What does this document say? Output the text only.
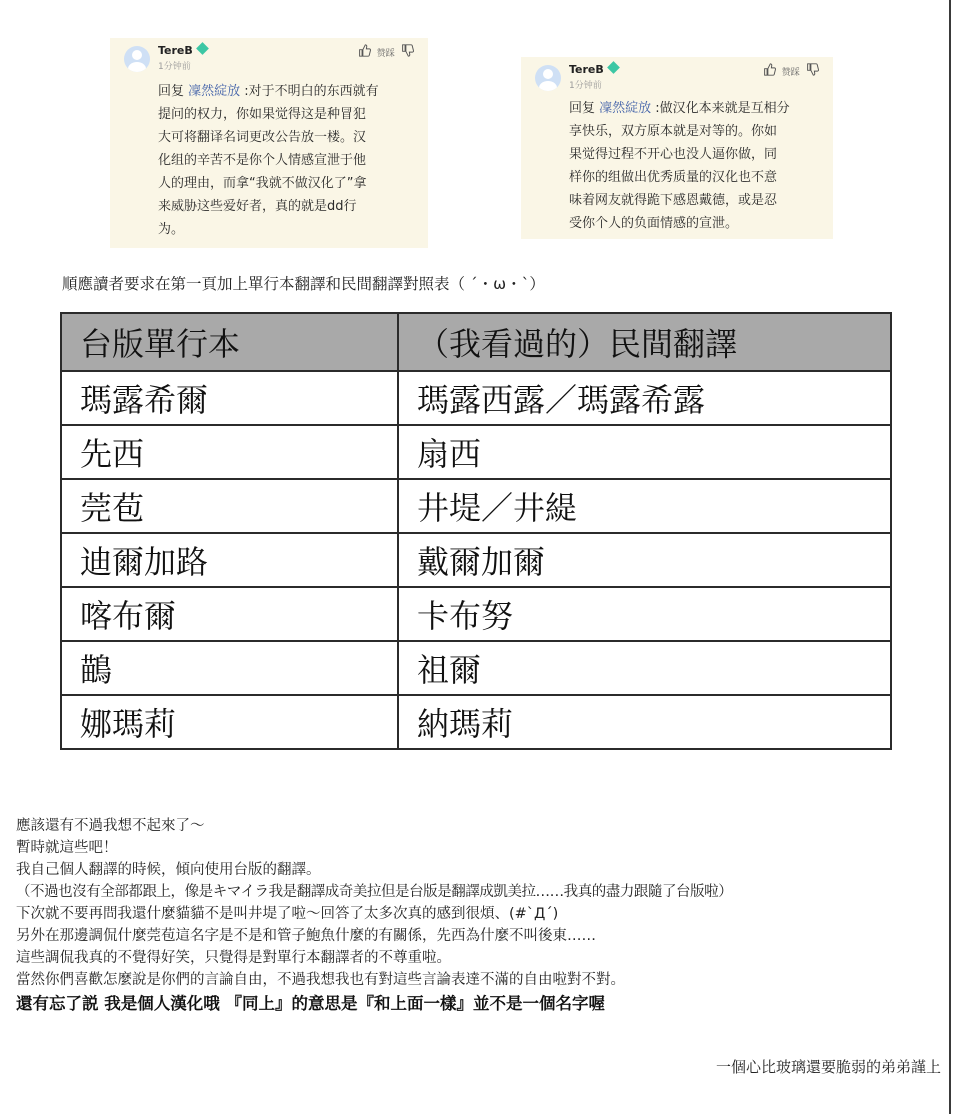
TereB
1分钟前
赞踩
回复 凜然綻放 :对于不明白的东西就有
提问的权力，你如果觉得这是种冒犯
大可将翻译名词更改公告放一楼。汉
化组的辛苦不是你个人情感宣泄于他
人的理由，而拿“我就不做汉化了”拿
来威胁这些爱好者，真的就是dd行
为。
TereB
1分钟前
赞踩
回复 凜然綻放 :做汉化本来就是互相分
享快乐，双方原本就是对等的。你如
果觉得过程不开心也没人逼你做，同
样你的组做出优秀质量的汉化也不意
味着网友就得跪下感恩戴德，或是忍
受你个人的负面情感的宣泄。
順應讀者要求在第一頁加上單行本翻譯和民間翻譯對照表（ ´・ω・`）
台版單行本	（我看過的）民間翻譯
瑪露希爾	瑪露西露／瑪露希露
先西	扇西
莞苞	井堤／井緹
迪爾加路	戴爾加爾
喀布爾	卡布努
鶓	祖爾
娜瑪莉	納瑪莉
應該還有不過我想不起來了～
暫時就這些吧！
我自己個人翻譯的時候，傾向使用台版的翻譯。
（不過也沒有全部都跟上，像是キマイラ我是翻譯成奇美拉但是台版是翻譯成凱美拉……我真的盡力跟隨了台版啦）
下次就不要再問我還什麼貓貓不是叫井堤了啦～回答了太多次真的感到很煩、(#`Д´)
另外在那邊調侃什麼莞苞這名字是不是和管子鮑魚什麼的有關係，先西為什麼不叫後東……
這些調侃我真的不覺得好笑，只覺得是對單行本翻譯者的不尊重啦。
當然你們喜歡怎麼說是你們的言論自由，不過我想我也有對這些言論表達不滿的自由啦對不對。
還有忘了説 我是個人漢化哦 『同上』的意思是『和上面一樣』並不是一個名字喔
一個心比玻璃還要脆弱的弟弟謹上
